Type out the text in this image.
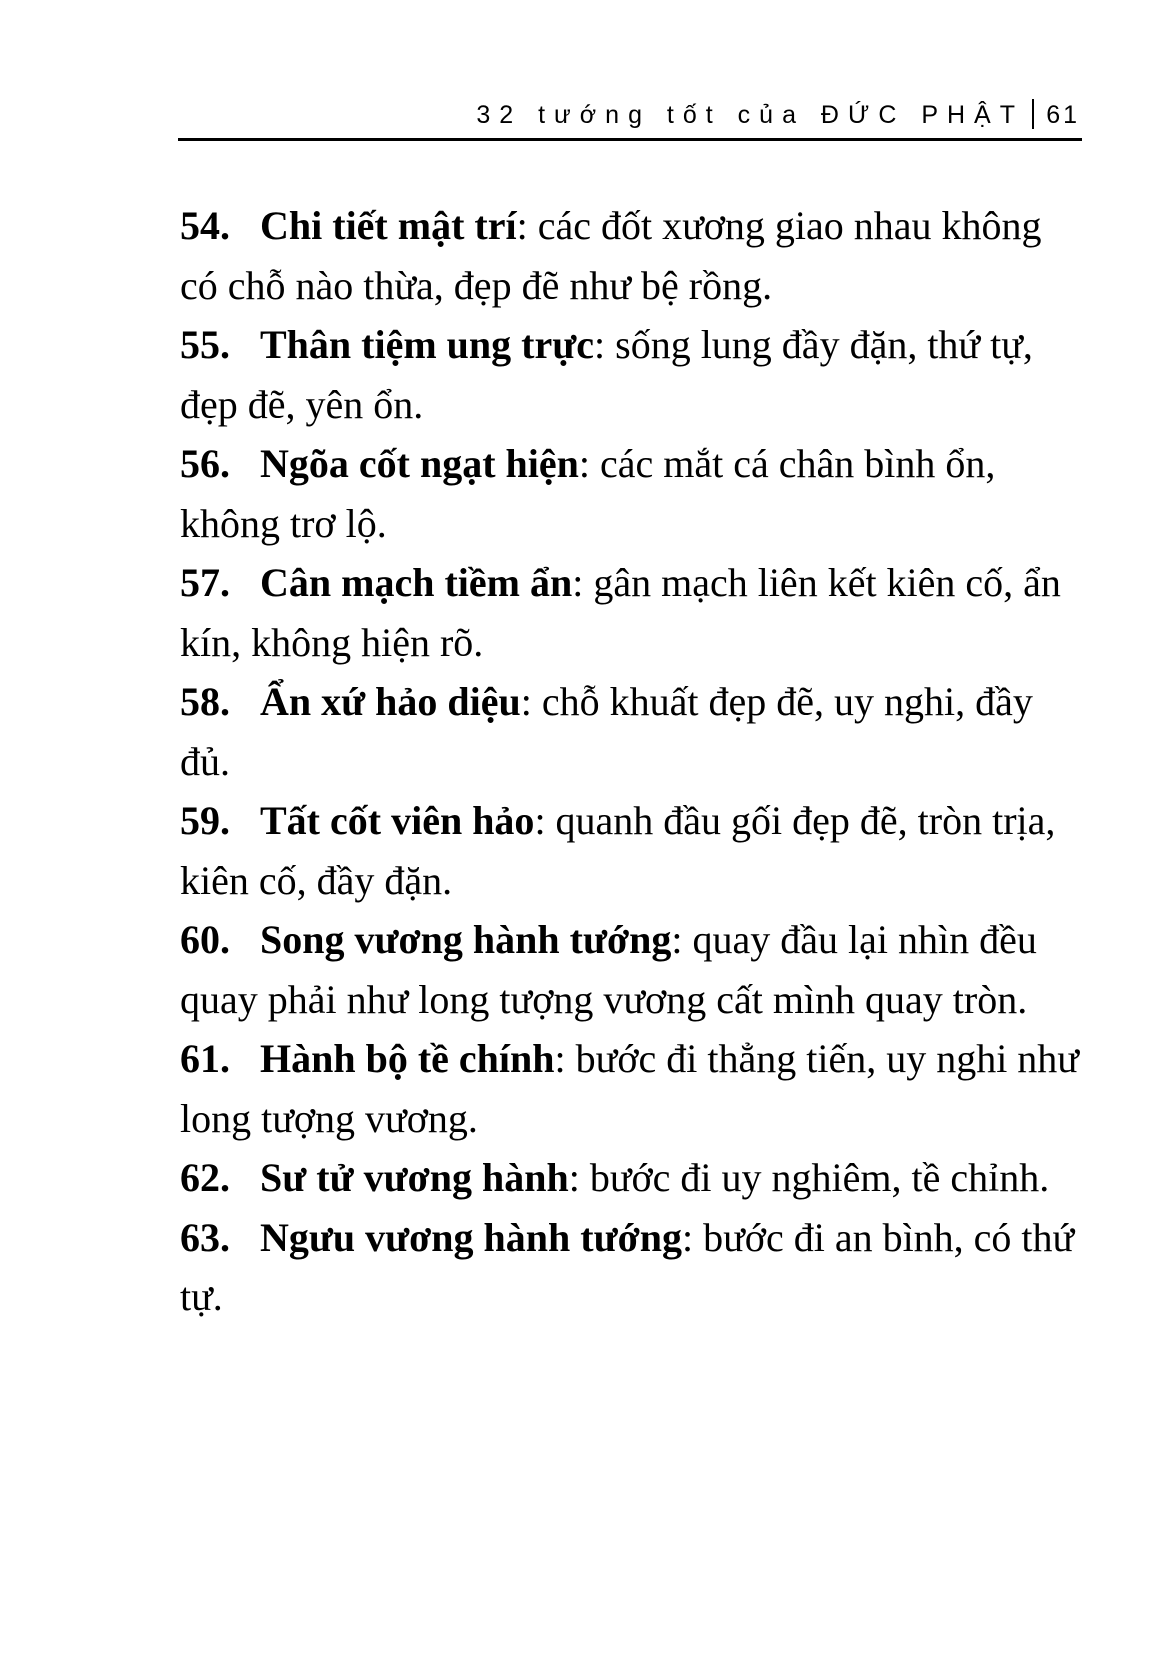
32 tướng tốt của ĐỨC PHẬT 61

54. Chi tiết mật trí: các đốt xương giao nhau không có chỗ nào thừa, đẹp đẽ như bệ rồng.

55. Thân tiệm ung trực: sống lung đầy đặn, thứ tự, đẹp đẽ, yên ổn.

56. Ngõa cốt ngạt hiện: các mắt cá chân bình ổn, không trơ lộ.

57. Cân mạch tiềm ẩn: gân mạch liên kết kiên cố, ẩn kín, không hiện rõ.

58. Ẩn xứ hảo diệu: chỗ khuất đẹp đẽ, uy nghi, đầy đủ.

59. Tất cốt viên hảo: quanh đầu gối đẹp đẽ, tròn trịa, kiên cố, đầy đặn.

60. Song vương hành tướng: quay đầu lại nhìn đều quay phải như long tượng vương cất mình quay tròn.

61. Hành bộ tề chính: bước đi thẳng tiến, uy nghi như long tượng vương.

62. Sư tử vương hành: bước đi uy nghiêm, tề chỉnh.

63. Ngưu vương hành tướng: bước đi an bình, có thứ tự.
